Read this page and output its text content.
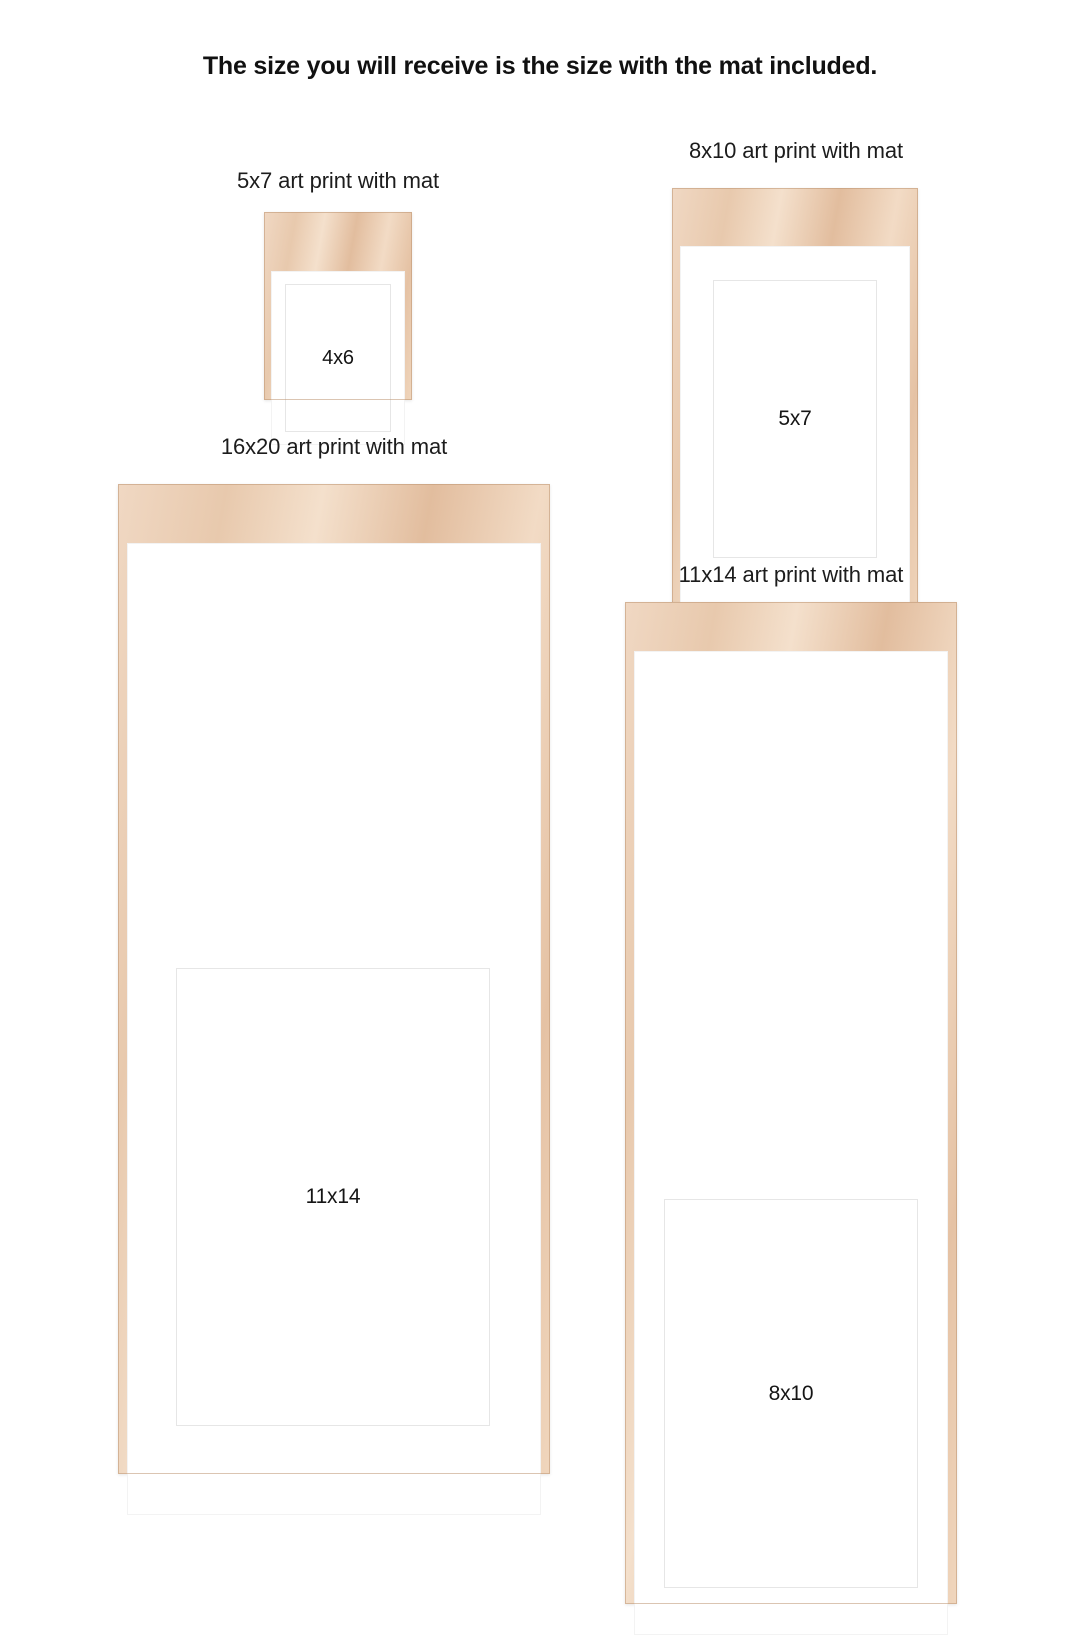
The size you will receive is the size with the mat included.
5x7 art print with mat
4x6
8x10 art print with mat
5x7
16x20 art print with mat
11x14
11x14 art print with mat
8x10
